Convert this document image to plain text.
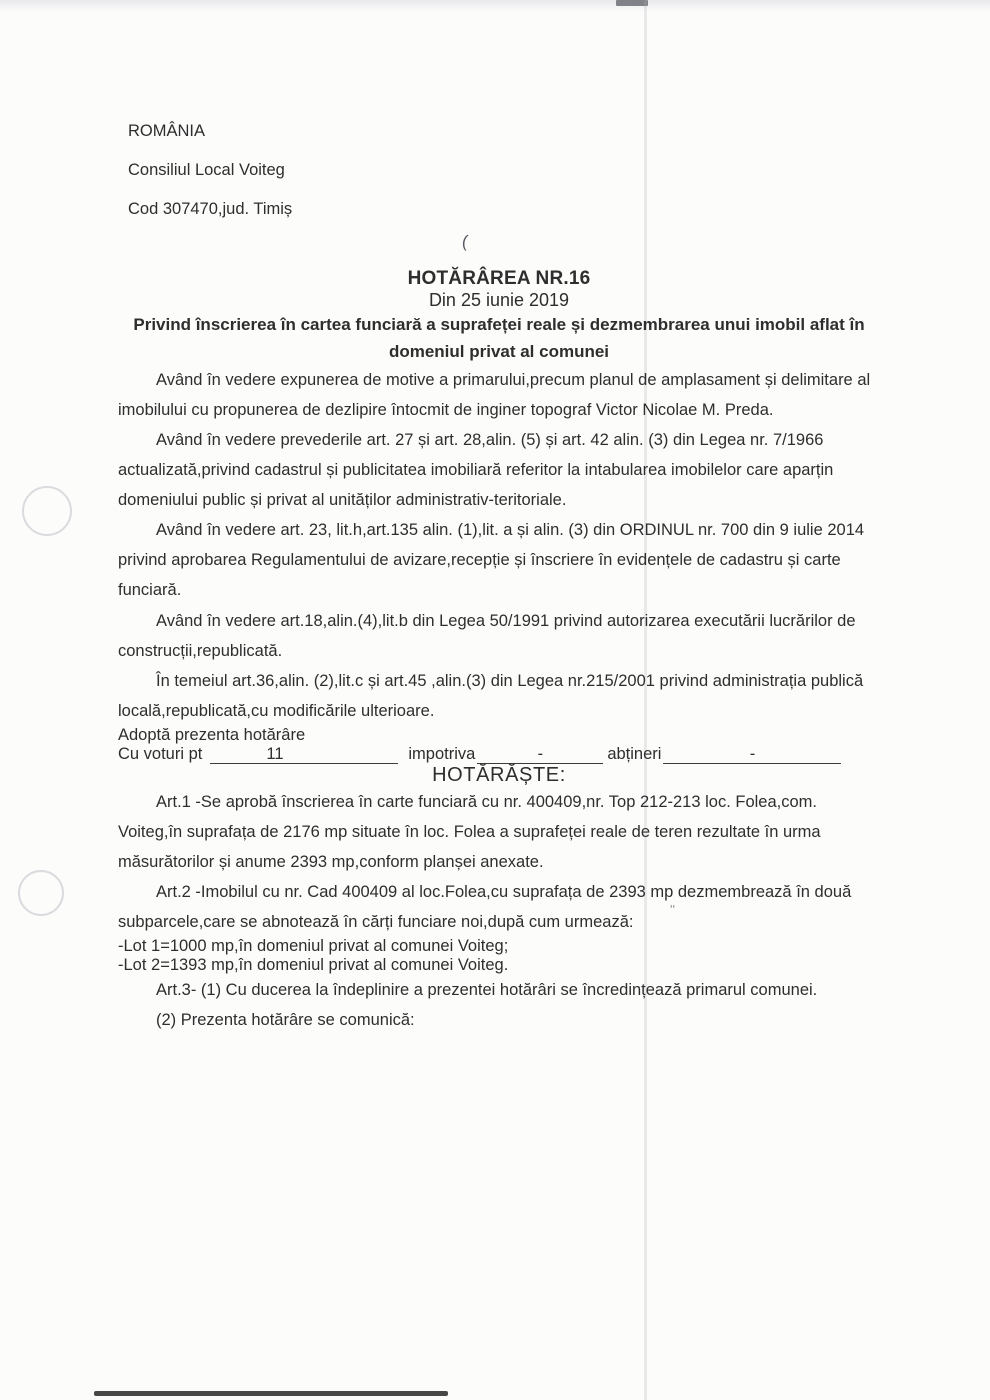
(
''

ROMÂNIA

Consiliul Local Voiteg

Cod 307470,jud. Timiș

HOTĂRÂREA NR.16

Din 25 iunie 2019

Privind înscrierea în cartea funciară a suprafeței reale și dezmembrarea unui imobil aflat în domeniul privat al comunei

Având în vedere expunerea de motive a primarului,precum planul de amplasament și delimitare al imobilului cu propunerea de dezlipire întocmit de inginer topograf Victor Nicolae M. Preda.

Având în vedere prevederile art. 27 și art. 28,alin. (5) și art. 42 alin. (3) din Legea nr. 7/1966 actualizată,privind cadastrul și publicitatea imobiliară referitor la intabularea imobilelor care aparțin domeniului public și privat al unităților administrativ-teritoriale.

Având în vedere art. 23, lit.h,art.135 alin. (1),lit. a și alin. (3) din ORDINUL nr. 700 din 9 iulie 2014 privind aprobarea Regulamentului de avizare,recepție și înscriere în evidențele de cadastru și carte funciară.

Având în vedere art.18,alin.(4),lit.b din Legea 50/1991 privind autorizarea executării lucrărilor de construcții,republicată.

În temeiul art.36,alin. (2),lit.c și art.45 ,alin.(3) din Legea nr.215/2001 privind administrația publică locală,republicată,cu modificările ulterioare.

Adoptă prezenta hotărâre

Cu voturi pt	11	impotriva	-	abțineri	-

HOTĂRĂȘTE:

Art.1 -Se aprobă înscrierea în carte funciară cu nr. 400409,nr. Top 212-213 loc. Folea,com. Voiteg,în suprafața de 2176 mp situate în loc. Folea a suprafeței reale de teren rezultate în urma măsurătorilor și anume 2393 mp,conform planșei anexate.

Art.2 -Imobilul cu nr. Cad 400409 al loc.Folea,cu suprafața de 2393 mp dezmembrează în două subparcele,care se abnotează în cărți funciare noi,după cum urmează:

-Lot 1=1000 mp,în domeniul privat al comunei Voiteg;

-Lot 2=1393 mp,în domeniul privat al comunei Voiteg.

Art.3- (1) Cu ducerea la îndeplinire a prezentei hotărâri se încredințează primarul comunei.

(2) Prezenta hotărâre se comunică:
